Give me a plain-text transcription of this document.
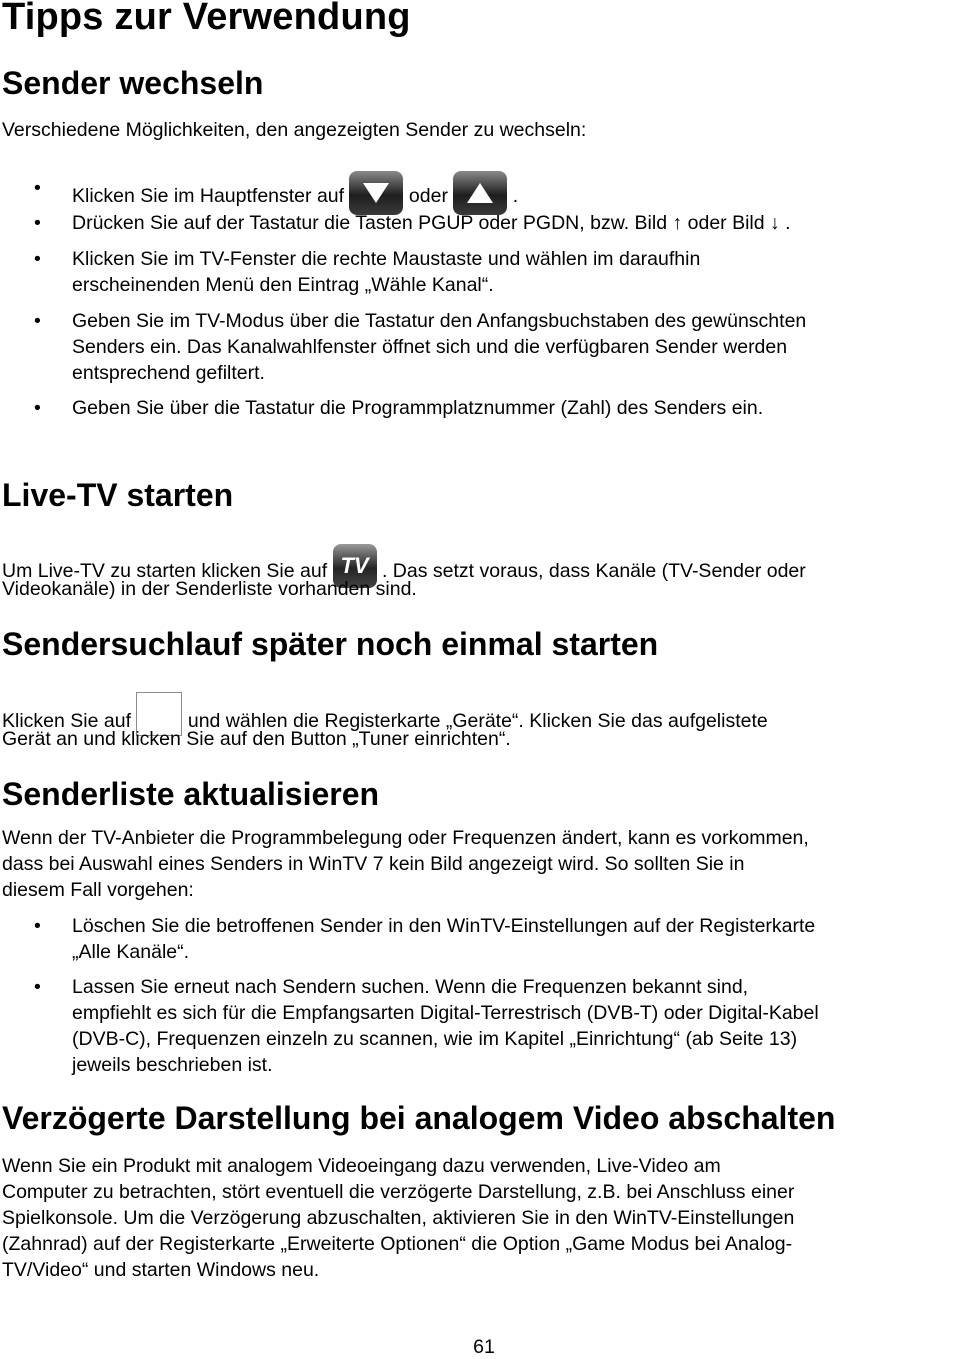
Tipps zur Verwendung
Sender wechseln
Verschiedene Möglichkeiten, den angezeigten Sender zu wechseln:
• Klicken Sie im Hauptfenster auf	oder	.
• Drücken Sie auf der Tastatur die Tasten PGUP oder PGDN, bzw. Bild ↑ oder Bild ↓ .
• Klicken Sie im TV-Fenster die rechte Maustaste und wählen im daraufhin
erscheinenden Menü den Eintrag „Wähle Kanal“.
• Geben Sie im TV-Modus über die Tastatur den Anfangsbuchstaben des gewünschten
Senders ein. Das Kanalwahlfenster öffnet sich und die verfügbaren Sender werden
entsprechend gefiltert.
• Geben Sie über die Tastatur die Programmplatznummer (Zahl) des Senders ein.
Live-TV starten
Um Live-TV zu starten klicken Sie auf TV . Das setzt voraus, dass Kanäle (TV-Sender oder
Videokanäle) in der Senderliste vorhanden sind.
Sendersuchlauf später noch einmal starten
Klicken Sie auf	und wählen die Registerkarte „Geräte“. Klicken Sie das aufgelistete
Gerät an und klicken Sie auf den Button „Tuner einrichten“.
Senderliste aktualisieren
Wenn der TV-Anbieter die Programmbelegung oder Frequenzen ändert, kann es vorkommen,
dass bei Auswahl eines Senders in WinTV 7 kein Bild angezeigt wird. So sollten Sie in
diesem Fall vorgehen:
• Löschen Sie die betroffenen Sender in den WinTV-Einstellungen auf der Registerkarte
„Alle Kanäle“.
• Lassen Sie erneut nach Sendern suchen. Wenn die Frequenzen bekannt sind,
empfiehlt es sich für die Empfangsarten Digital-Terrestrisch (DVB-T) oder Digital-Kabel
(DVB-C), Frequenzen einzeln zu scannen, wie im Kapitel „Einrichtung“ (ab Seite 13)
jeweils beschrieben ist.
Verzögerte Darstellung bei analogem Video abschalten
Wenn Sie ein Produkt mit analogem Videoeingang dazu verwenden, Live-Video am
Computer zu betrachten, stört eventuell die verzögerte Darstellung, z.B. bei Anschluss einer
Spielkonsole. Um die Verzögerung abzuschalten, aktivieren Sie in den WinTV-Einstellungen
(Zahnrad) auf der Registerkarte „Erweiterte Optionen“ die Option „Game Modus bei Analog-
TV/Video“ und starten Windows neu.
61
